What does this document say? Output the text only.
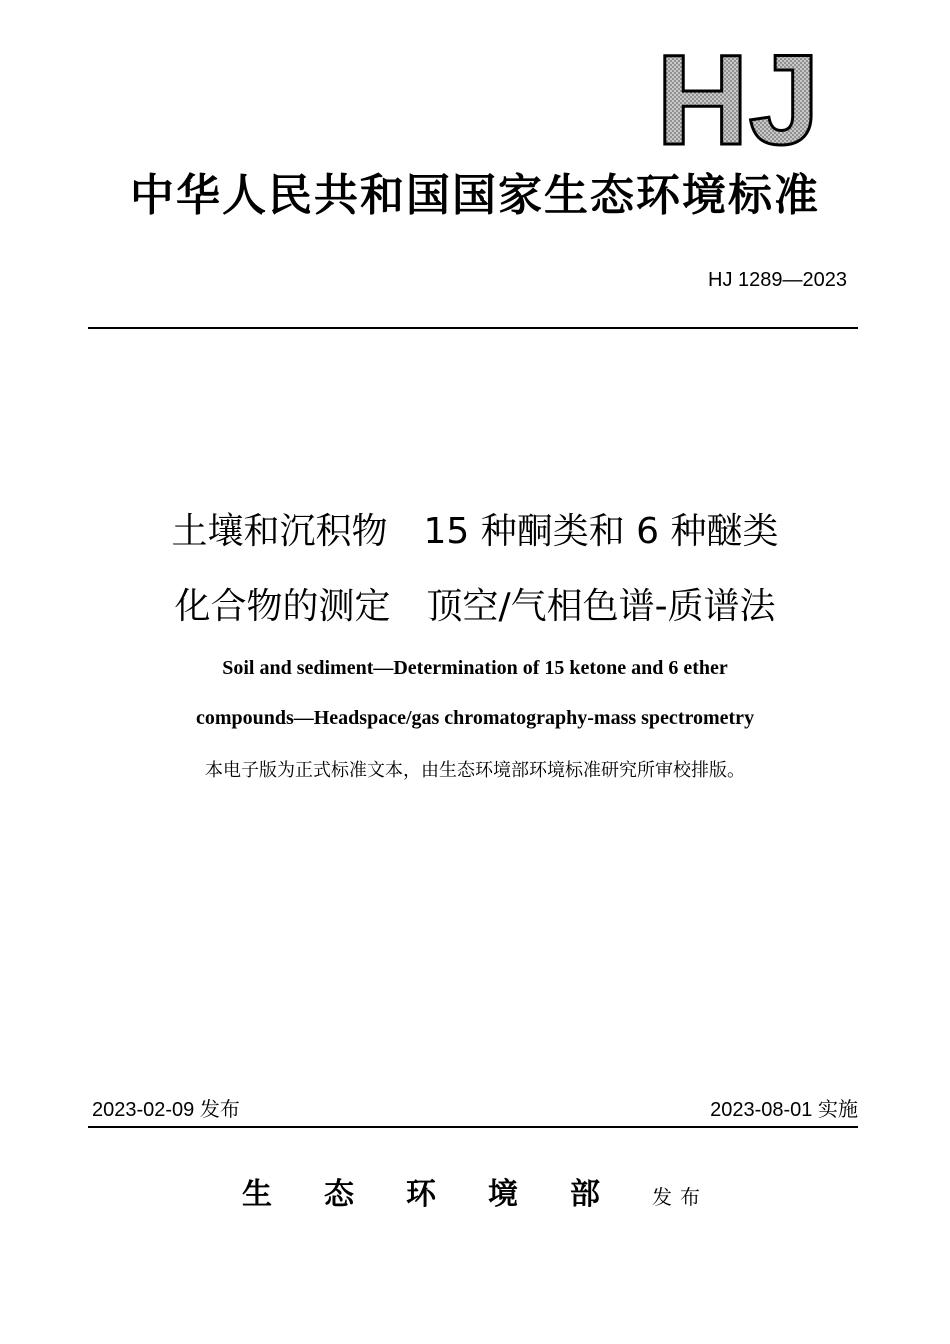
HJ
中华人民共和国国家生态环境标准
HJ 1289—2023
土壤和沉积物　15 种酮类和 6 种醚类
化合物的测定　顶空/气相色谱-质谱法
Soil and sediment—Determination of 15 ketone and 6 ether
compounds—Headspace/gas chromatography-mass spectrometry
本电子版为正式标准文本，由生态环境部环境标准研究所审校排版。
2023-02-09 发布	2023-08-01 实施
生态环境部发布
